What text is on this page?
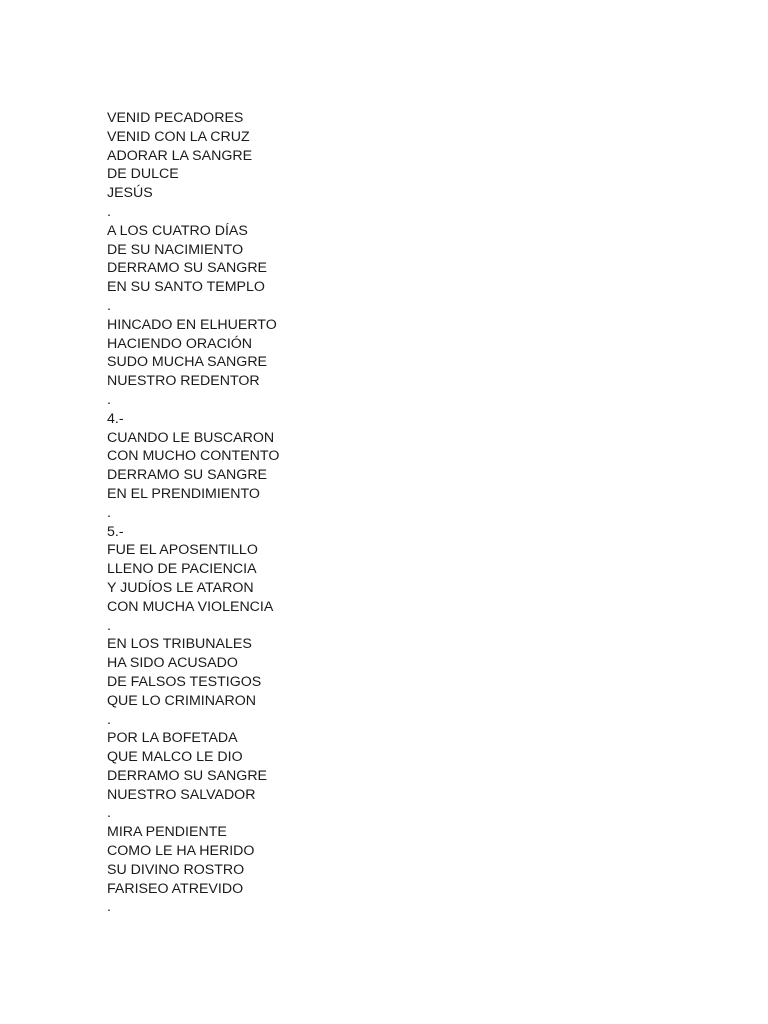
VENID PECADORES
VENID CON LA CRUZ
ADORAR LA SANGRE
DE DULCE
JESÚS
.
A LOS CUATRO DÍAS
DE SU NACIMIENTO
DERRAMO SU SANGRE
EN SU SANTO TEMPLO
.
HINCADO EN ELHUERTO
HACIENDO ORACIÓN
SUDO MUCHA SANGRE
NUESTRO REDENTOR
.
4.-
CUANDO LE BUSCARON
CON MUCHO CONTENTO
DERRAMO SU SANGRE
EN EL PRENDIMIENTO
.
5.-
FUE EL APOSENTILLO
LLENO DE PACIENCIA
Y JUDÍOS LE ATARON
CON MUCHA VIOLENCIA
.
EN LOS TRIBUNALES
HA SIDO ACUSADO
DE FALSOS TESTIGOS
QUE LO CRIMINARON
.
POR LA BOFETADA
QUE MALCO LE DIO
DERRAMO SU SANGRE
NUESTRO SALVADOR
.
MIRA PENDIENTE
COMO LE HA HERIDO
SU DIVINO ROSTRO
FARISEO ATREVIDO
.
